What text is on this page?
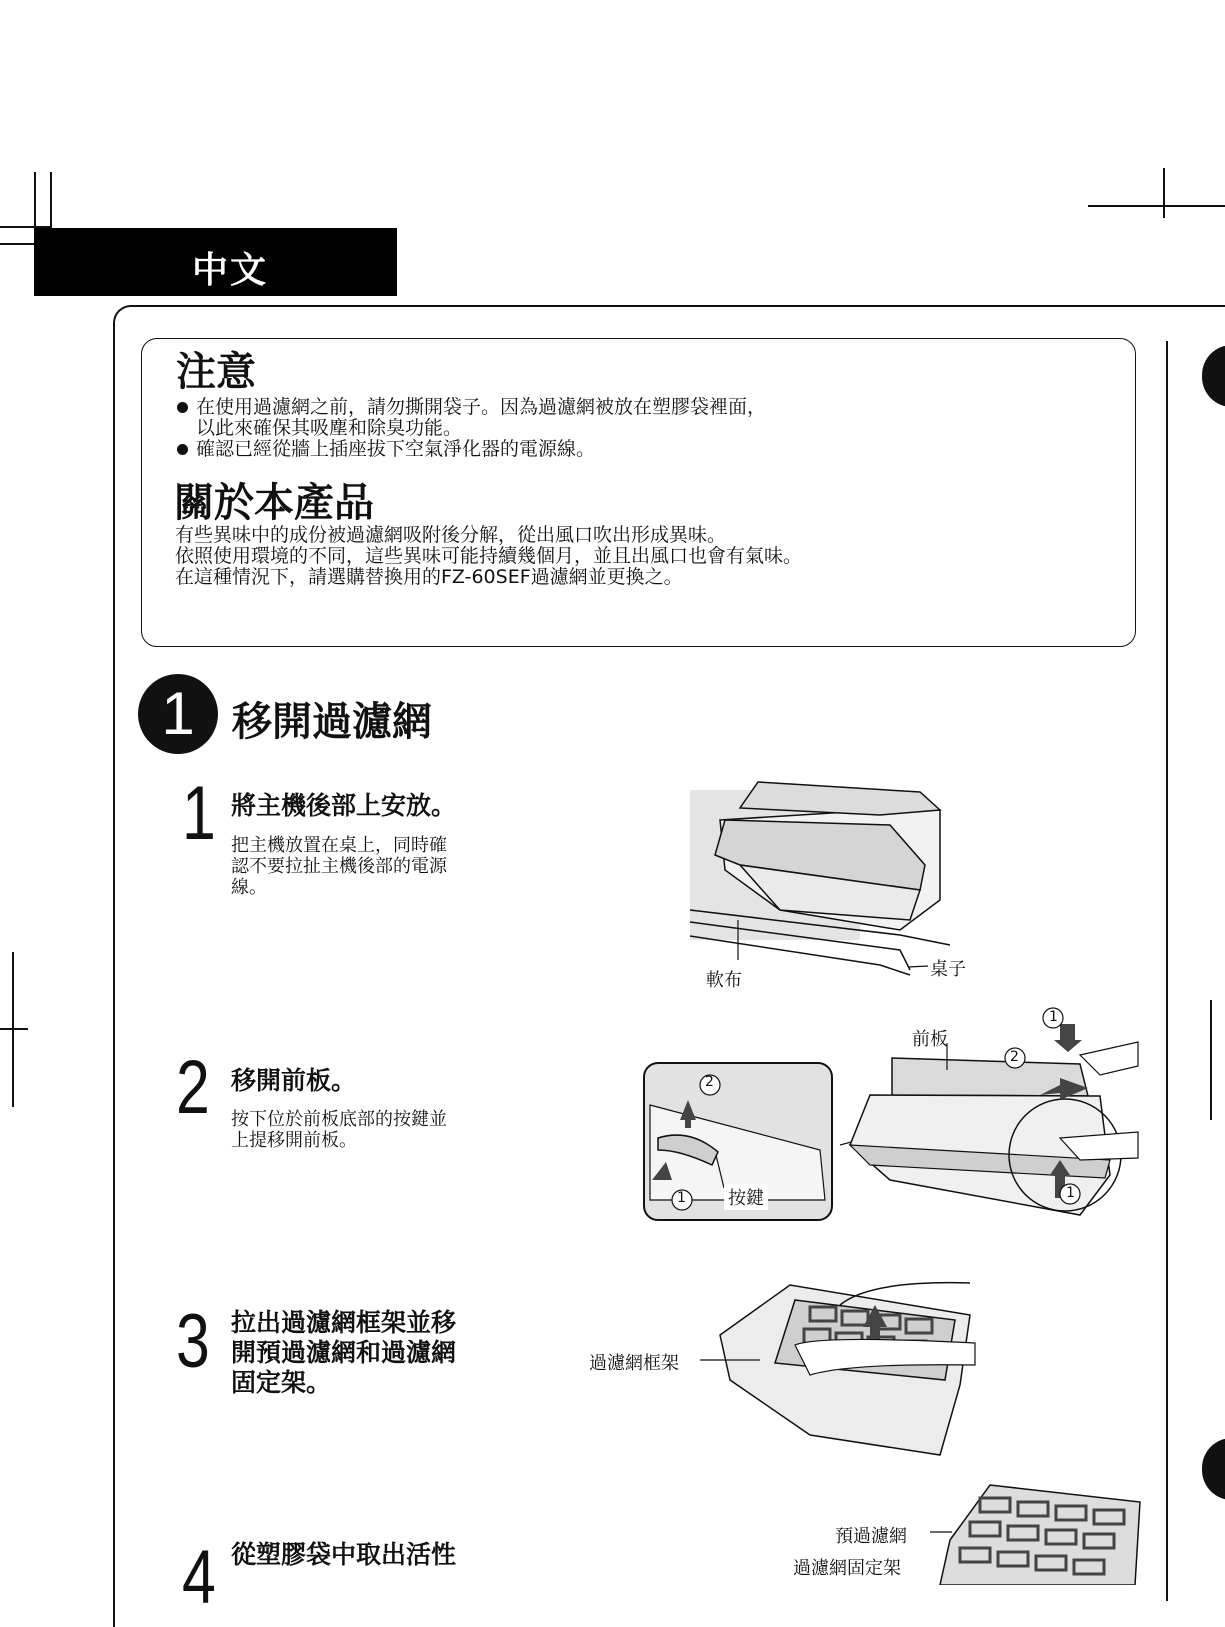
中文
注意
在使用過濾網之前，請勿撕開袋子。因為過濾網被放在塑膠袋裡面，
以此來確保其吸塵和除臭功能。
確認已經從牆上插座拔下空氣淨化器的電源線。
關於本產品
有些異味中的成份被過濾網吸附後分解，從出風口吹出形成異味。
依照使用環境的不同，這些異味可能持續幾個月，並且出風口也會有氣味。
在這種情況下，請選購替換用的FZ-60SEF過濾網並更換之。
1 移開過濾網
1 將主機後部上安放。
把主機放置在桌上，同時確
認不要拉扯主機後部的電源
線。
2 移開前板。
按下位於前板底部的按鍵並
上提移開前板。
3 拉出過濾網框架並移
開預過濾網和過濾網
固定架。
4 從塑膠袋中取出活性
軟布
桌子
2
1
2
1
1
前板
按鍵
過濾網框架
預過濾網
過濾網固定架
